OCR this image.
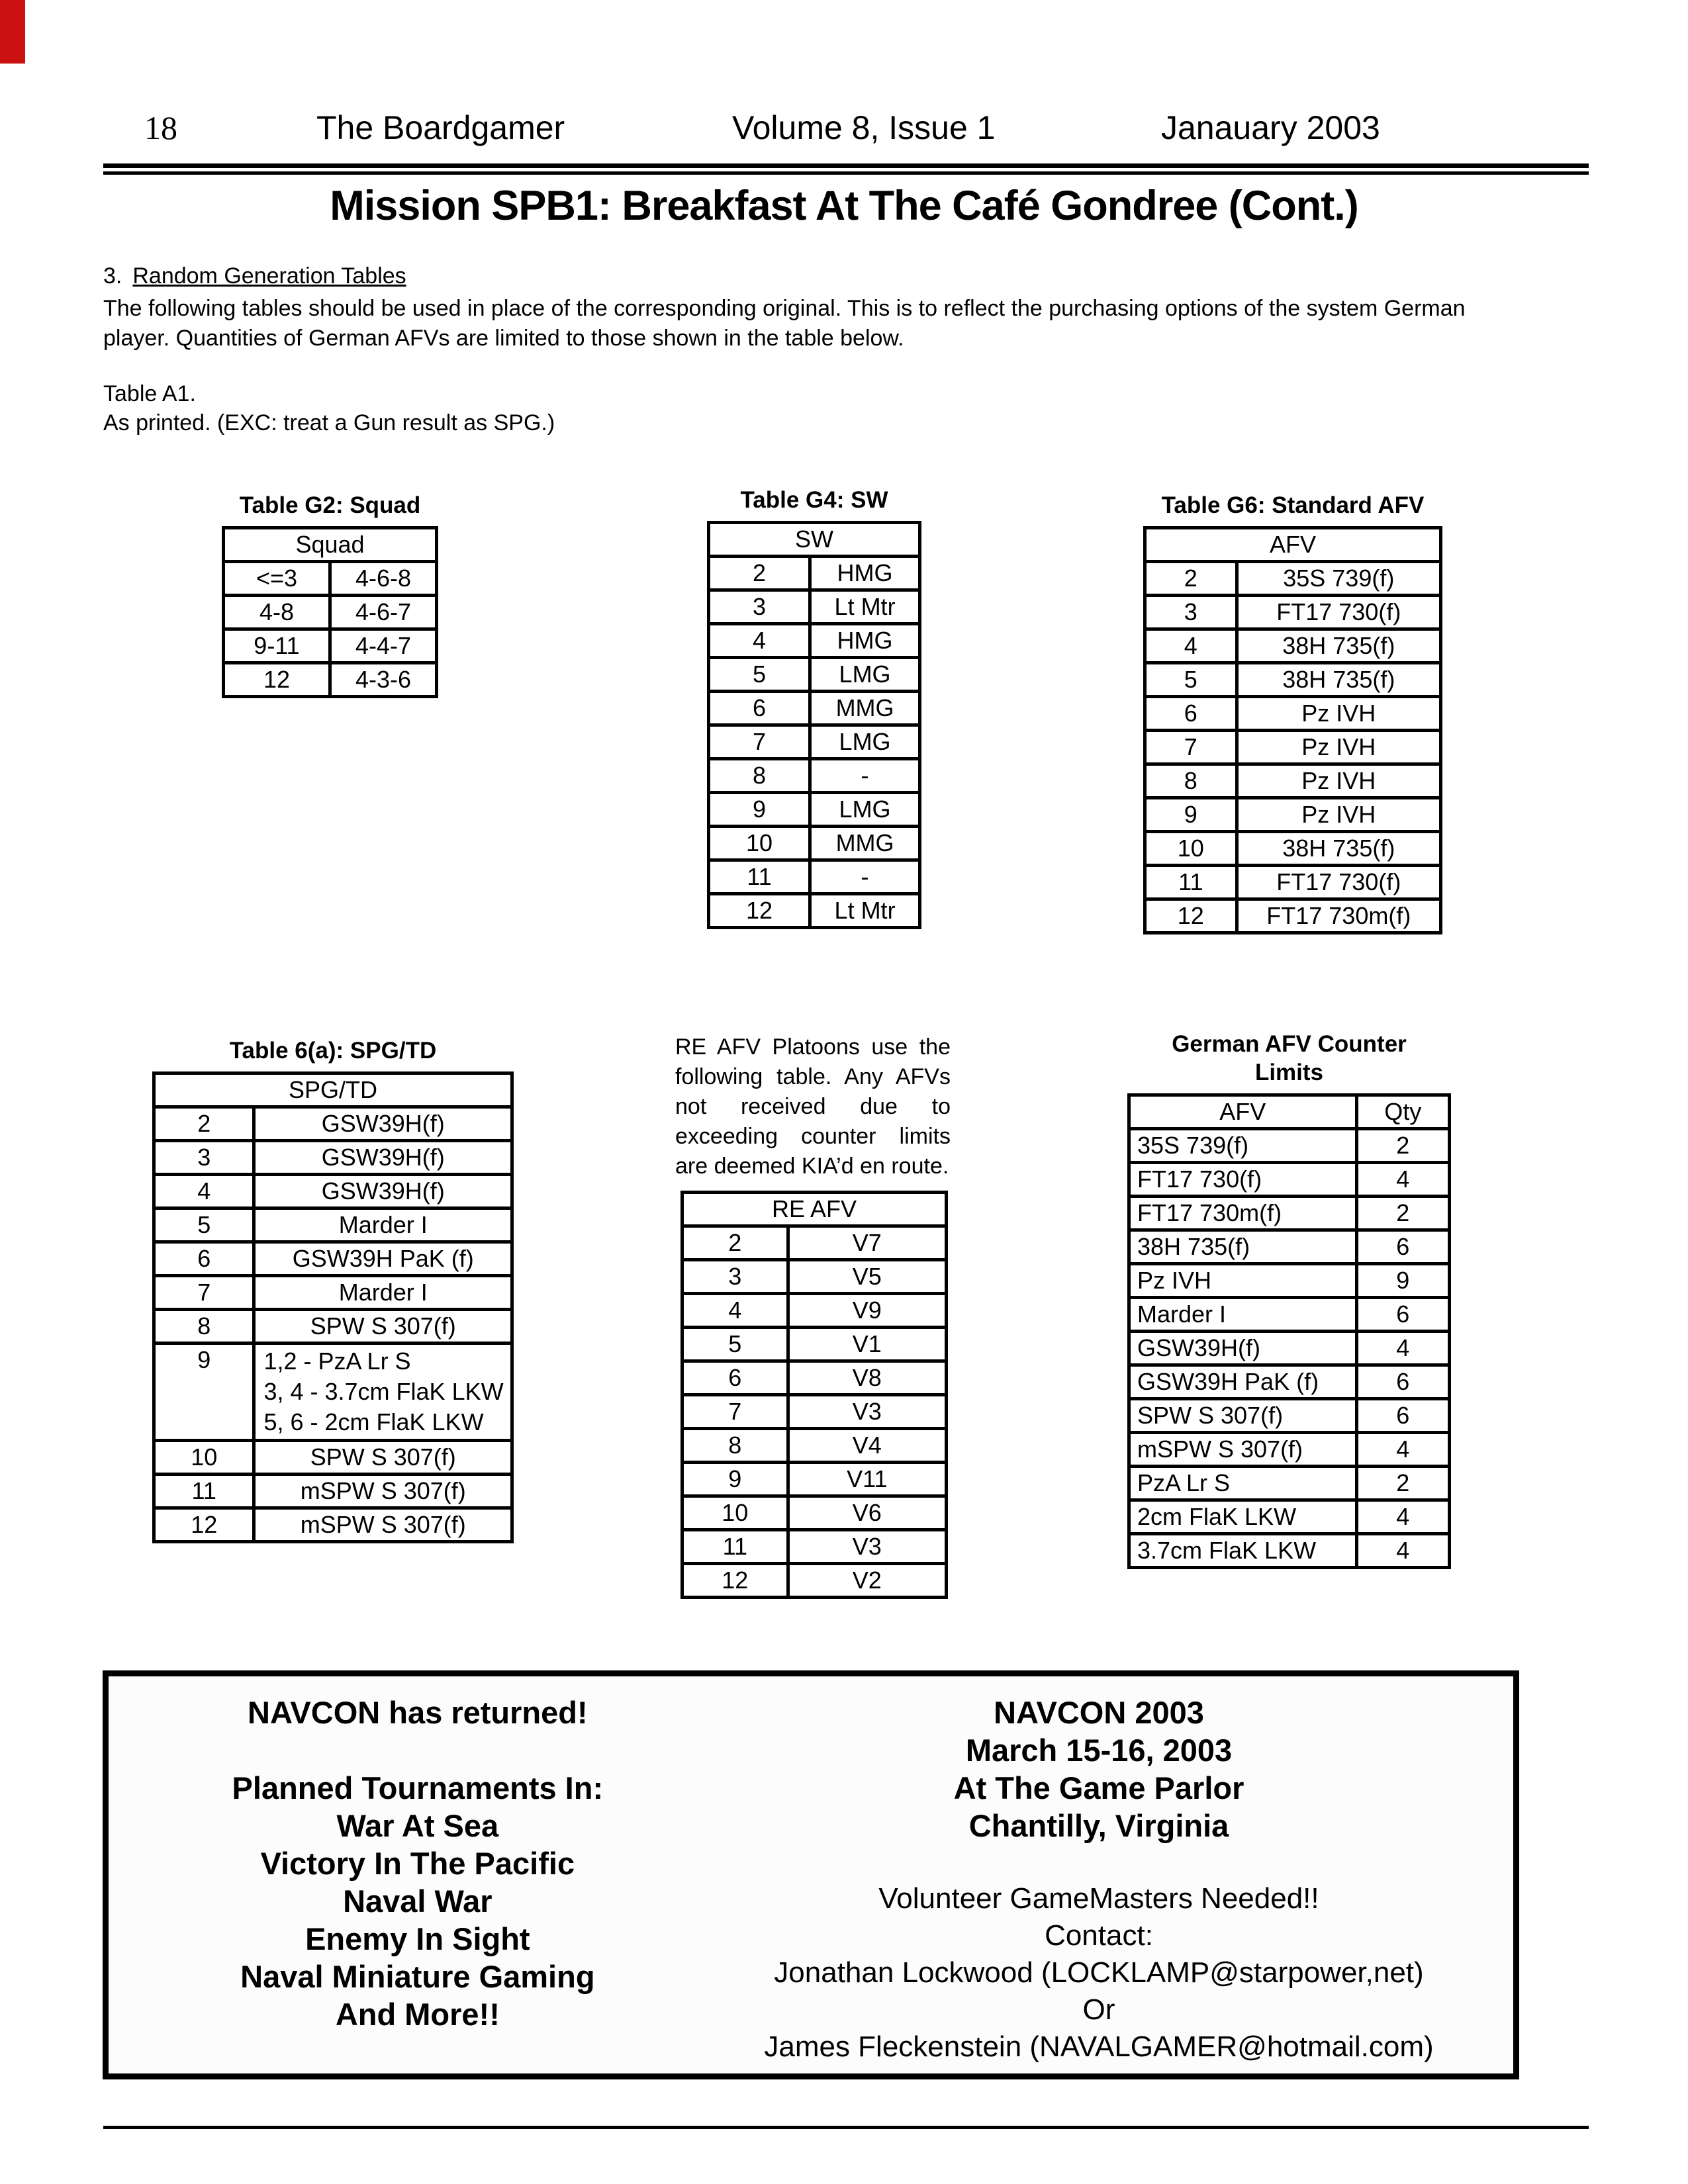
18	The Boardgamer	Volume 8, Issue 1	Janauary 2003
Mission SPB1: Breakfast At The Café Gondree (Cont.)
3. Random Generation Tables

The following tables should be used in place of the corresponding original. This is to reflect the purchasing options of the system German player. Quantities of German AFVs are limited to those shown in the table below.

Table A1.

As printed. (EXC: treat a Gun result as SPG.)

Table G2: Squad
Squad	
<=3	4-6-8
4-8	4-6-7
9-11	4-4-7
12	4-3-6
Table G4: SW
SW	
2	HMG
3	Lt Mtr
4	HMG
5	LMG
6	MMG
7	LMG
8	-
9	LMG
10	MMG
11	-
12	Lt Mtr
Table G6: Standard AFV
AFV	
2	35S 739(f)
3	FT17 730(f)
4	38H 735(f)
5	38H 735(f)
6	Pz IVH
7	Pz IVH
8	Pz IVH
9	Pz IVH
10	38H 735(f)
11	FT17 730(f)
12	FT17 730m(f)
Table 6(a): SPG/TD
SPG/TD	
2	GSW39H(f)
3	GSW39H(f)
4	GSW39H(f)
5	Marder I
6	GSW39H PaK (f)
7	Marder I
8	SPW S 307(f)
9	1,2 - PzA Lr S
3, 4 - 3.7cm FlaK LKW
5, 6 - 2cm FlaK LKW
10	SPW S 307(f)
11	mSPW S 307(f)
12	mSPW S 307(f)

RE AFV Platoons use the following table. Any AFVs not received due to exceeding counter limits are deemed KIA’d en route.

RE AFV	
2	V7
3	V5
4	V9
5	V1
6	V8
7	V3
8	V4
9	V11
10	V6
11	V3
12	V2
German AFV Counter
Limits
AFV	Qty
35S 739(f)	2
FT17 730(f)	4
FT17 730m(f)	2
38H 735(f)	6
Pz IVH	9
Marder I	6
GSW39H(f)	4
GSW39H PaK (f)	6
SPW S 307(f)	6
mSPW S 307(f)	4
PzA Lr S	2
2cm FlaK LKW	4
3.7cm FlaK LKW	4
NAVCON has returned!

Planned Tournaments In:
War At Sea
Victory In The Pacific
Naval War
Enemy In Sight
Naval Miniature Gaming
And More!!
NAVCON 2003
March 15-16, 2003
At The Game Parlor
Chantilly, Virginia
Volunteer GameMasters Needed!!
Contact:
Jonathan Lockwood (LOCKLAMP@starpower,net)
Or
James Fleckenstein (NAVALGAMER@hotmail.com)
